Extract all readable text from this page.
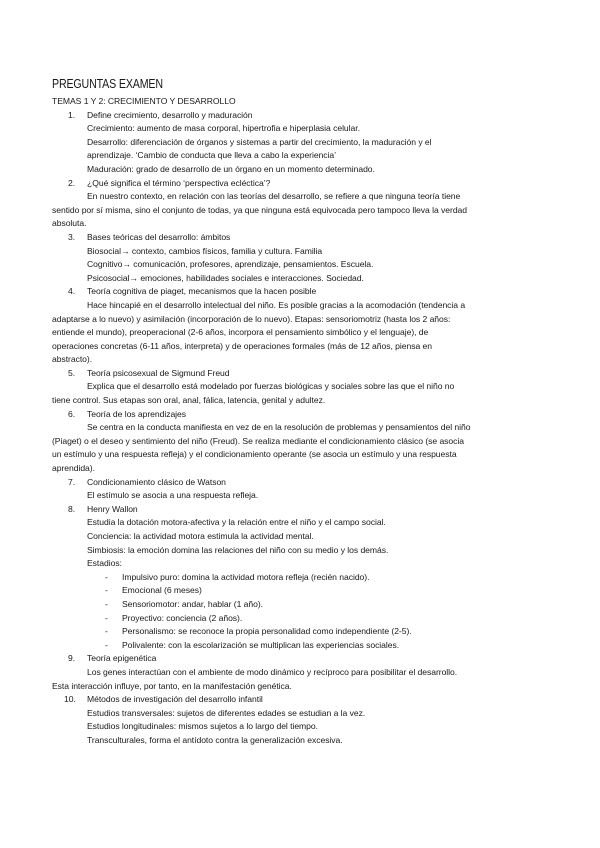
PREGUNTAS EXAMEN
TEMAS 1 Y 2: CRECIMIENTO Y DESARROLLO
1. Define crecimiento, desarrollo y maduración
Crecimiento: aumento de masa corporal, hipertrofia e hiperplasia celular.
Desarrollo: diferenciación de órganos y sistemas a partir del crecimiento, la maduración y el
aprendizaje. ‘Cambio de conducta que lleva a cabo la experiencia’
Maduración: grado de desarrollo de un órgano en un momento determinado.
2. ¿Qué significa el término ‘perspectiva ecléctica’?
En nuestro contexto, en relación con las teorías del desarrollo, se refiere a que ninguna teoría tiene
sentido por sí misma, sino el conjunto de todas, ya que ninguna está equivocada pero tampoco lleva la verdad
absoluta.
3. Bases teóricas del desarrollo: ámbitos
Biosocial→ contexto, cambios físicos, familia y cultura. Familia
Cognitivo→ comunicación, profesores, aprendizaje, pensamientos. Escuela.
Psicosocial→ emociones, habilidades sociales e interacciones. Sociedad.
4. Teoría cognitiva de piaget, mecanismos que la hacen posible
Hace hincapié en el desarrollo intelectual del niño. Es posible gracias a la acomodación (tendencia a
adaptarse a lo nuevo) y asimilación (incorporación de lo nuevo). Etapas: sensoriomotriz (hasta los 2 años:
entiende el mundo), preoperacional (2-6 años, incorpora el pensamiento simbólico y el lenguaje), de
operaciones concretas (6-11 años, interpreta) y de operaciones formales (más de 12 años, piensa en
abstracto).
5. Teoría psicosexual de Sigmund Freud
Explica que el desarrollo está modelado por fuerzas biológicas y sociales sobre las que el niño no
tiene control. Sus etapas son oral, anal, fálica, latencia, genital y adultez.
6. Teoría de los aprendizajes
Se centra en la conducta manifiesta en vez de en la resolución de problemas y pensamientos del niño
(Piaget) o el deseo y sentimiento del niño (Freud). Se realiza mediante el condicionamiento clásico (se asocia
un estímulo y una respuesta refleja) y el condicionamiento operante (se asocia un estímulo y una respuesta
aprendida).
7. Condicionamiento clásico de Watson
El estímulo se asocia a una respuesta refleja.
8. Henry Wallon
Estudia la dotación motora-afectiva y la relación entre el niño y el campo social.
Conciencia: la actividad motora estimula la actividad mental.
Simbiosis: la emoción domina las relaciones del niño con su medio y los demás.
Estadios:
- Impulsivo puro: domina la actividad motora refleja (recién nacido).
- Emocional (6 meses)
- Sensoriomotor: andar, hablar (1 año).
- Proyectivo: conciencia (2 años).
- Personalismo: se reconoce la propia personalidad como independiente (2-5).
- Polivalente: con la escolarización se multiplican las experiencias sociales.
9. Teoría epigenética
Los genes interactúan con el ambiente de modo dinámico y recíproco para posibilitar el desarrollo.
Esta interacción influye, por tanto, en la manifestación genética.
10. Métodos de investigación del desarrollo infantil
Estudios transversales: sujetos de diferentes edades se estudian a la vez.
Estudios longitudinales: mismos sujetos a lo largo del tiempo.
Transculturales, forma el antídoto contra la generalización excesiva.
